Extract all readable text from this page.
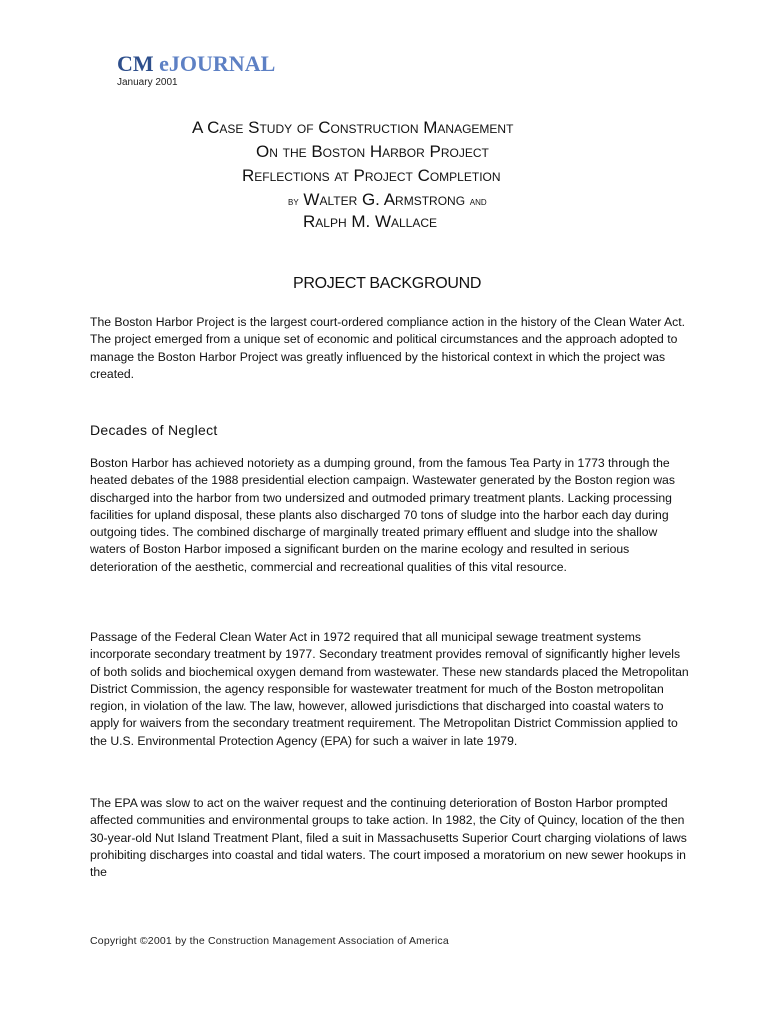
CM eJOURNAL
January 2001
A Case Study of Construction Management
On the Boston Harbor Project
Reflections at Project Completion
by Walter G. Armstrong and
Ralph M. Wallace
PROJECT BACKGROUND
The Boston Harbor Project is the largest court-ordered compliance action in the history of the Clean Water Act. The project emerged from a unique set of economic and political circumstances and the approach adopted to manage the Boston Harbor Project was greatly influenced by the historical context in which the project was created.
Decades of Neglect
Boston Harbor has achieved notoriety as a dumping ground, from the famous Tea Party in 1773 through the heated debates of the 1988 presidential election campaign. Wastewater generated by the Boston region was discharged into the harbor from two undersized and outmoded primary treatment plants. Lacking processing facilities for upland disposal, these plants also discharged 70 tons of sludge into the harbor each day during outgoing tides. The combined discharge of marginally treated primary effluent and sludge into the shallow waters of Boston Harbor imposed a significant burden on the marine ecology and resulted in serious deterioration of the aesthetic, commercial and recreational qualities of this vital resource.
Passage of the Federal Clean Water Act in 1972 required that all municipal sewage treatment systems incorporate secondary treatment by 1977. Secondary treatment provides removal of significantly higher levels of both solids and biochemical oxygen demand from wastewater. These new standards placed the Metropolitan District Commission, the agency responsible for wastewater treatment for much of the Boston metropolitan region, in violation of the law. The law, however, allowed jurisdictions that discharged into coastal waters to apply for waivers from the secondary treatment requirement. The Metropolitan District Commission applied to the U.S. Environmental Protection Agency (EPA) for such a waiver in late 1979.
The EPA was slow to act on the waiver request and the continuing deterioration of Boston Harbor prompted affected communities and environmental groups to take action. In 1982, the City of Quincy, location of the then 30-year-old Nut Island Treatment Plant, filed a suit in Massachusetts Superior Court charging violations of laws prohibiting discharges into coastal and tidal waters. The court imposed a moratorium on new sewer hookups in the
Copyright ©2001 by the Construction Management Association of America
